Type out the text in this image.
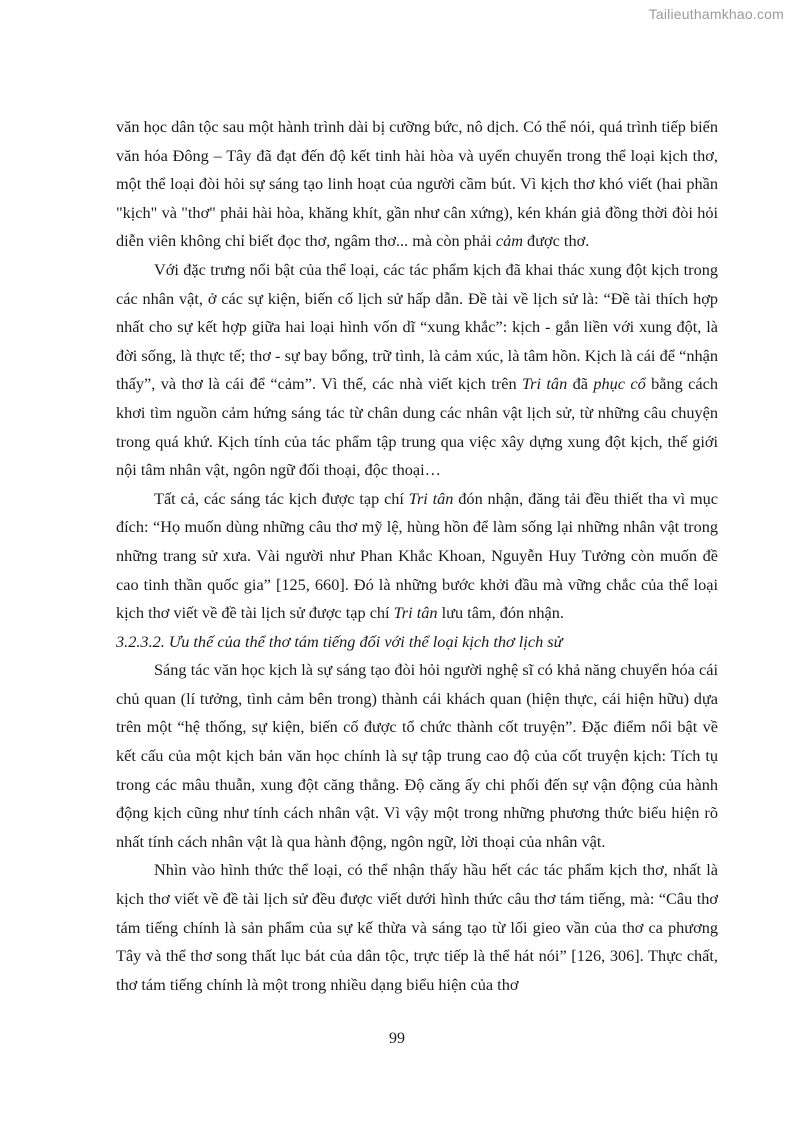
Tailieuthamkhao.com

văn học dân tộc sau một hành trình dài bị cưỡng bức, nô dịch. Có thể nói, quá trình tiếp biến văn hóa Đông – Tây đã đạt đến độ kết tinh hài hòa và uyển chuyển trong thể loại kịch thơ, một thể loại đòi hỏi sự sáng tạo linh hoạt của người cầm bút. Vì kịch thơ khó viết (hai phần "kịch" và "thơ" phải hài hòa, khăng khít, gần như cân xứng), kén khán giả đồng thời đòi hỏi diễn viên không chỉ biết đọc thơ, ngâm thơ... mà còn phải cảm được thơ.

Với đặc trưng nổi bật của thể loại, các tác phẩm kịch đã khai thác xung đột kịch trong các nhân vật, ở các sự kiện, biến cố lịch sử hấp dẫn. Đề tài về lịch sử là: “Đề tài thích hợp nhất cho sự kết hợp giữa hai loại hình vốn dĩ “xung khắc”: kịch - gắn liền với xung đột, là đời sống, là thực tế; thơ - sự bay bổng, trữ tình, là cảm xúc, là tâm hồn. Kịch là cái để “nhận thấy”, và thơ là cái để “cảm”. Vì thế, các nhà viết kịch trên Tri tân đã phục cổ bằng cách khơi tìm nguồn cảm hứng sáng tác từ chân dung các nhân vật lịch sử, từ những câu chuyện trong quá khứ. Kịch tính của tác phẩm tập trung qua việc xây dựng xung đột kịch, thế giới nội tâm nhân vật, ngôn ngữ đối thoại, độc thoại…

Tất cả, các sáng tác kịch được tạp chí Tri tân đón nhận, đăng tải đều thiết tha vì mục đích: “Họ muốn dùng những câu thơ mỹ lệ, hùng hồn để làm sống lại những nhân vật trong những trang sử xưa. Vài người như Phan Khắc Khoan, Nguyễn Huy Tưởng còn muốn đề cao tinh thần quốc gia” [125, 660]. Đó là những bước khởi đầu mà vững chắc của thể loại kịch thơ viết về đề tài lịch sử được tạp chí Tri tân lưu tâm, đón nhận.

3.2.3.2. Ưu thế của thể thơ tám tiếng đối với thể loại kịch thơ lịch sử

Sáng tác văn học kịch là sự sáng tạo đòi hỏi người nghệ sĩ có khả năng chuyển hóa cái chủ quan (lí tưởng, tình cảm bên trong) thành cái khách quan (hiện thực, cái hiện hữu) dựa trên một “hệ thống, sự kiện, biến cố được tổ chức thành cốt truyện”. Đặc điểm nổi bật về kết cấu của một kịch bản văn học chính là sự tập trung cao độ của cốt truyện kịch: Tích tụ trong các mâu thuẫn, xung đột căng thẳng. Độ căng ấy chi phối đến sự vận động của hành động kịch cũng như tính cách nhân vật. Vì vậy một trong những phương thức biểu hiện rõ nhất tính cách nhân vật là qua hành động, ngôn ngữ, lời thoại của nhân vật.

Nhìn vào hình thức thể loại, có thể nhận thấy hầu hết các tác phẩm kịch thơ, nhất là kịch thơ viết về đề tài lịch sử đều được viết dưới hình thức câu thơ tám tiếng, mà: “Câu thơ tám tiếng chính là sản phẩm của sự kế thừa và sáng tạo từ lối gieo vần của thơ ca phương Tây và thể thơ song thất lục bát của dân tộc, trực tiếp là thể hát nói” [126, 306]. Thực chất, thơ tám tiếng chính là một trong nhiều dạng biểu hiện của thơ

99
